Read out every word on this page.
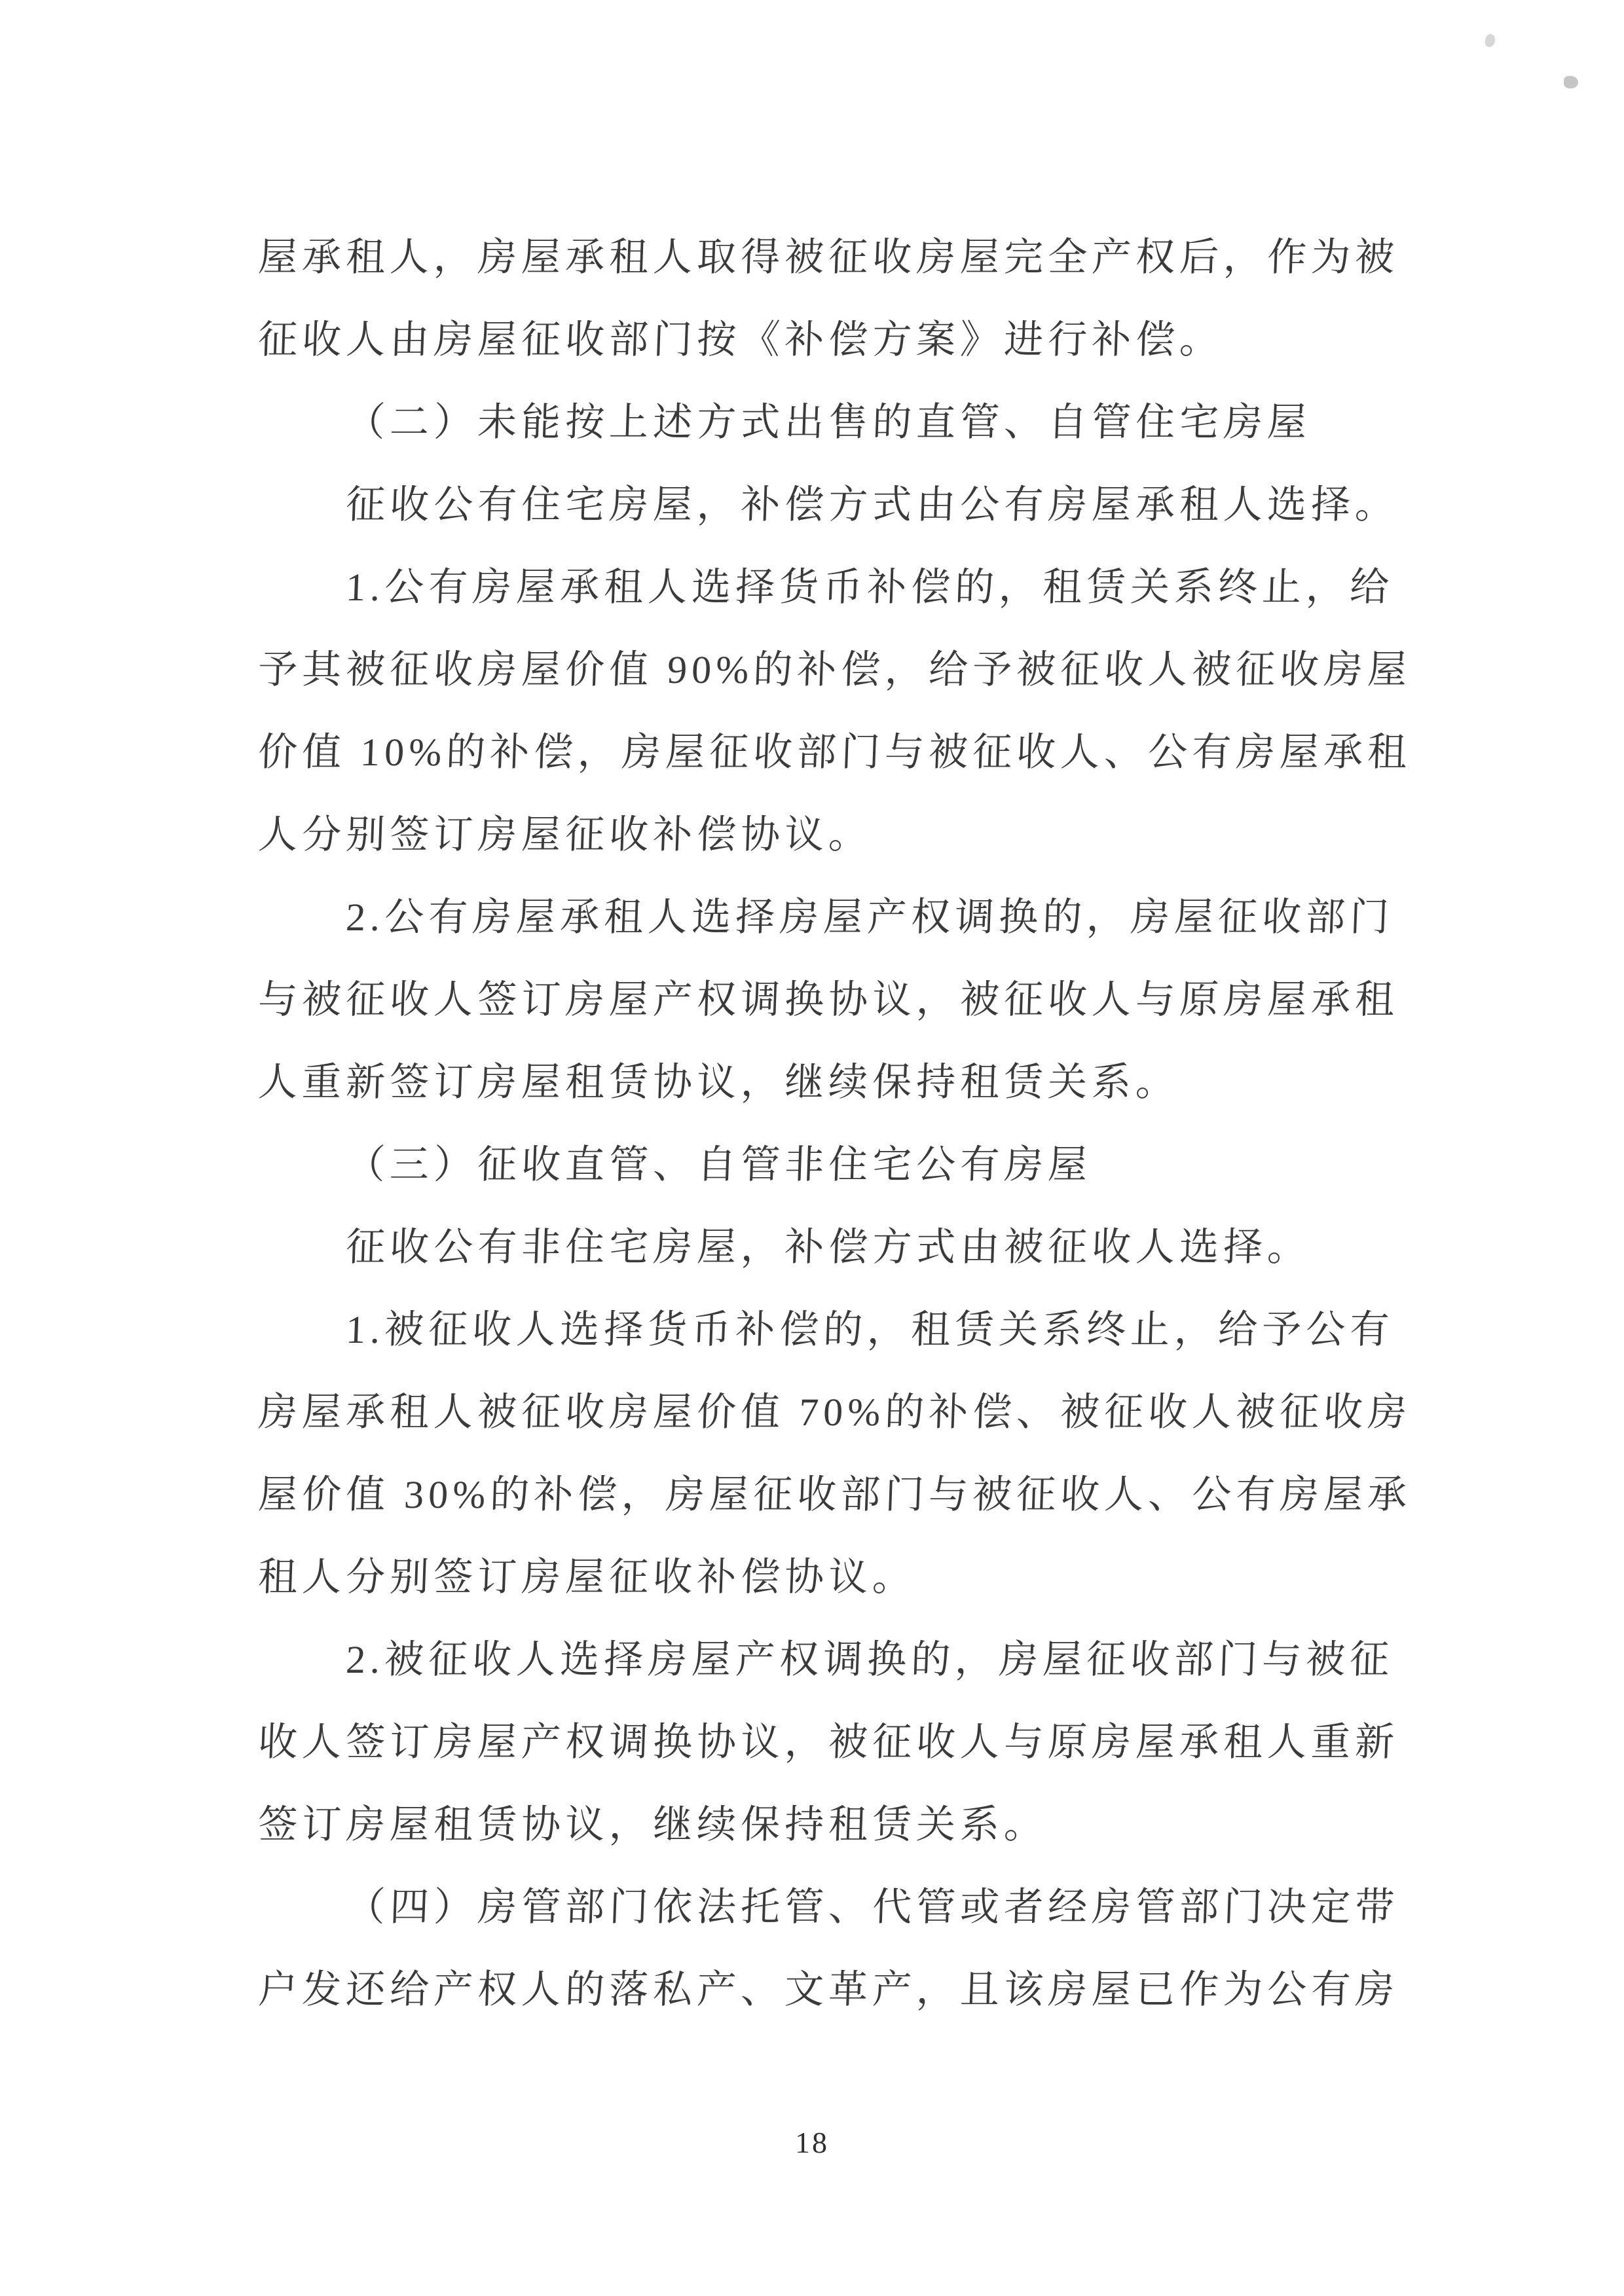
屋承租人，房屋承租人取得被征收房屋完全产权后，作为被

征收人由房屋征收部门按《补偿方案》进行补偿。

（二）未能按上述方式出售的直管、自管住宅房屋

征收公有住宅房屋，补偿方式由公有房屋承租人选择。

1.公有房屋承租人选择货币补偿的，租赁关系终止，给

予其被征收房屋价值 90%的补偿，给予被征收人被征收房屋

价值 10%的补偿，房屋征收部门与被征收人、公有房屋承租

人分别签订房屋征收补偿协议。

2.公有房屋承租人选择房屋产权调换的，房屋征收部门

与被征收人签订房屋产权调换协议，被征收人与原房屋承租

人重新签订房屋租赁协议，继续保持租赁关系。

（三）征收直管、自管非住宅公有房屋

征收公有非住宅房屋，补偿方式由被征收人选择。

1.被征收人选择货币补偿的，租赁关系终止，给予公有

房屋承租人被征收房屋价值 70%的补偿、被征收人被征收房

屋价值 30%的补偿，房屋征收部门与被征收人、公有房屋承

租人分别签订房屋征收补偿协议。

2.被征收人选择房屋产权调换的，房屋征收部门与被征

收人签订房屋产权调换协议，被征收人与原房屋承租人重新

签订房屋租赁协议，继续保持租赁关系。

（四）房管部门依法托管、代管或者经房管部门决定带

户发还给产权人的落私产、文革产，且该房屋已作为公有房

18
